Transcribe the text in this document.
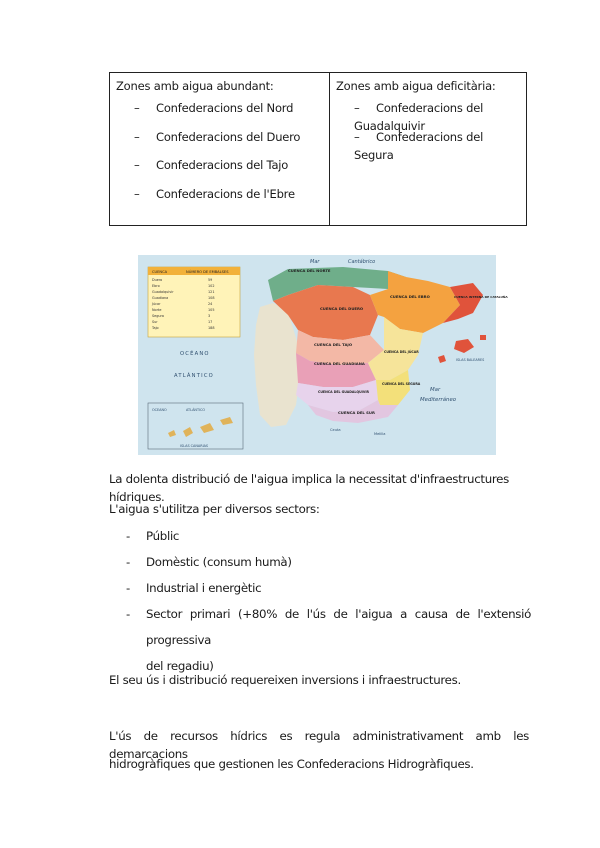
Zones amb aigua abundant:
– Confederacions del Nord
– Confederacions del Duero
– Confederacions del Tajo
– Confederacions de l'Ebre
Zones amb aigua deficitària:
– Confederacions del Guadalquivir
– Confederacions del Segura
CUENCA	NÚMERO DE EMBALSES
Duero	59
Ebro	102
Guadalquivir	121
Guadiana	108
Júcar	24
Norte	105
Segura	3
Sur	17
Tajo	188
Mar	Cantábrico
OCÉANO
ATLÁNTICO
Mar
Mediterráneo
ISLAS BALEARES
OCEANO	ATLÁNTICO
ISLAS CANARIAS
Ceuta
Melilla
CUENCA DEL NORTE
CUENCA DEL EBRO	CUENCA INTERNA DE CATALUÑA
CUENCA DEL DUERO
CUENCA DEL TAJO
CUENCA DEL GUADIANA
CUENCA DEL JÚCAR
CUENCA DEL GUADALQUIVIR
CUENCA DEL SEGURA
CUENCA DEL SUR
La dolenta distribució de l'aigua implica la necessitat d'infraestructures hídriques.
L'aigua s'utilitza per diversos sectors:
- Públic
- Domèstic (consum humà)
- Industrial i energètic
- Sector primari (+80% de l'ús de l'aigua a causa de l'extensió progressiva
del regadiu)
El seu ús i distribució requereixen inversions i infraestructures.
L'ús de recursos hídrics es regula administrativament amb les demarcacions
hidrogràfiques que gestionen les Confederacions Hidrogràfiques.
